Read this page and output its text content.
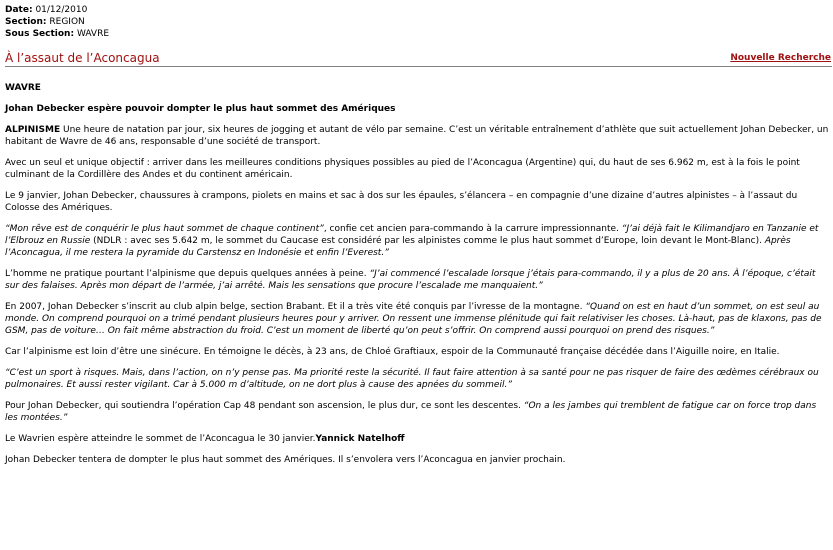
Date: 01/12/2010
Section: REGION
Sous Section: WAVRE
À l’assaut de l’Aconcagua	Nouvelle Recherche

WAVRE

Johan Debecker espère pouvoir dompter le plus haut sommet des Amériques

ALPINISME Une heure de natation par jour, six heures de jogging et autant de vélo par semaine. C’est un véritable entraînement d’athlète que suit actuellement Johan Debecker, un habitant de Wavre de 46 ans, responsable d’une société de transport.

Avec un seul et unique objectif : arriver dans les meilleures conditions physiques possibles au pied de l’Aconcagua (Argentine) qui, du haut de ses 6.962 m, est à la fois le point culminant de la Cordillère des Andes et du continent américain.

Le 9 janvier, Johan Debecker, chaussures à crampons, piolets en mains et sac à dos sur les épaules, s’élancera – en compagnie d’une dizaine d’autres alpinistes – à l’assaut du Colosse des Amériques.

“Mon rêve est de conquérir le plus haut sommet de chaque continent”, confie cet ancien para-commando à la carrure impressionnante. “J’ai déjà fait le Kilimandjaro en Tanzanie et l’Elbrouz en Russie (NDLR : avec ses 5.642 m, le sommet du Caucase est considéré par les alpinistes comme le plus haut sommet d’Europe, loin devant le Mont-Blanc). Après l’Aconcagua, il me restera la pyramide du Carstensz en Indonésie et enfin l’Everest.”

L’homme ne pratique pourtant l’alpinisme que depuis quelques années à peine. “J’ai commencé l’escalade lorsque j’étais para-commando, il y a plus de 20 ans. À l’époque, c’était sur des falaises. Après mon départ de l’armée, j’ai arrêté. Mais les sensations que procure l’escalade me manquaient.”

En 2007, Johan Debecker s’inscrit au club alpin belge, section Brabant. Et il a très vite été conquis par l’ivresse de la montagne. “Quand on est en haut d’un sommet, on est seul au monde. On comprend pourquoi on a trimé pendant plusieurs heures pour y arriver. On ressent une immense plénitude qui fait relativiser les choses. Là-haut, pas de klaxons, pas de GSM, pas de voiture… On fait même abstraction du froid. C’est un moment de liberté qu’on peut s’offrir. On comprend aussi pourquoi on prend des risques.”

Car l’alpinisme est loin d’être une sinécure. En témoigne le décès, à 23 ans, de Chloé Graftiaux, espoir de la Communauté française décédée dans l’Aiguille noire, en Italie.

“C’est un sport à risques. Mais, dans l’action, on n’y pense pas. Ma priorité reste la sécurité. Il faut faire attention à sa santé pour ne pas risquer de faire des œdèmes cérébraux ou pulmonaires. Et aussi rester vigilant. Car à 5.000 m d’altitude, on ne dort plus à cause des apnées du sommeil.”

Pour Johan Debecker, qui soutiendra l’opération Cap 48 pendant son ascension, le plus dur, ce sont les descentes. “On a les jambes qui tremblent de fatigue car on force trop dans les montées.”

Le Wavrien espère atteindre le sommet de l’Aconcagua le 30 janvier.Yannick Natelhoff

Johan Debecker tentera de dompter le plus haut sommet des Amériques. Il s’envolera vers l’Aconcagua en janvier prochain.
